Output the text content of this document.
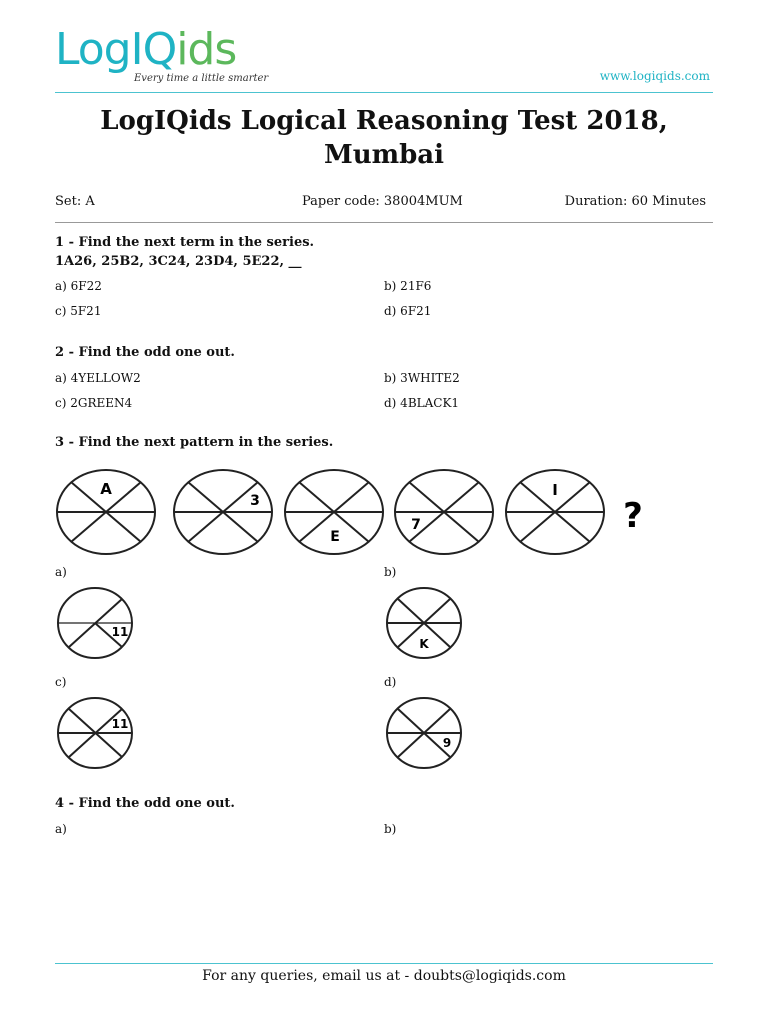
LogIQids
Every time a little smarter	www.logiqids.com
LogIQids Logical Reasoning Test 2018, Mumbai
Set: A	Paper code: 38004MUM	Duration: 60 Minutes
1 - Find the next term in the series.
1A26, 25B2, 3C24, 23D4, 5E22, __
a) 6F22	b) 21F6
c) 5F21	d) 6F21
2 - Find the odd one out.
a) 4YELLOW2	b) 3WHITE2
c) 2GREEN4	d) 4BLACK1
3 - Find the next pattern in the series.
A
3
E
7
I
?
a)	b)
11
K
c)	d)
11
9
4 - Find the odd one out.
a)	b)
For any queries, email us at - doubts@logiqids.com
